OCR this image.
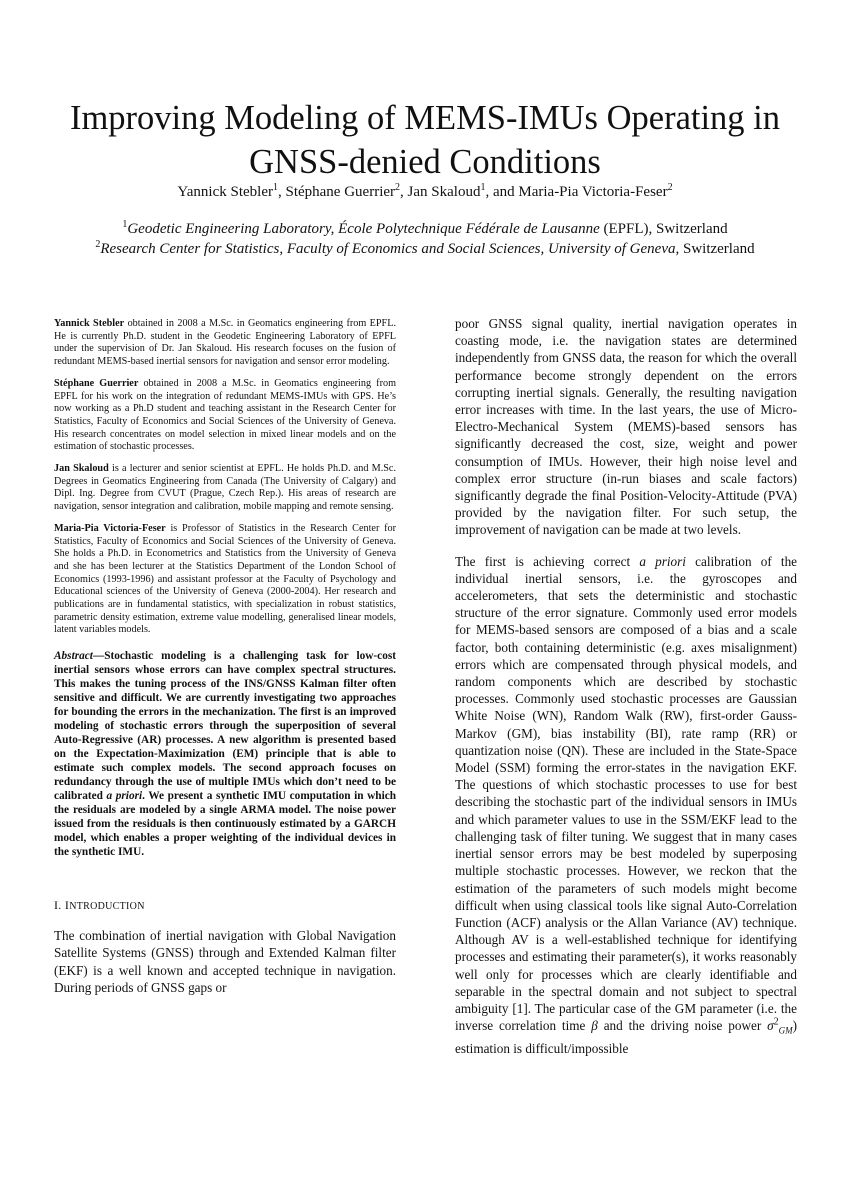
Improving Modeling of MEMS-IMUs Operating in GNSS-denied Conditions
Yannick Stebler$^1$, Stéphane Guerrier$^2$, Jan Skaloud$^1$, and Maria-Pia Victoria-Feser$^2$
$^1$Geodetic Engineering Laboratory, École Polytechnique Fédérale de Lausanne (EPFL), Switzerland
$^2$Research Center for Statistics, Faculty of Economics and Social Sciences, University of Geneva, Switzerland

Yannick Stebler obtained in 2008 a M.Sc. in Geomatics engineering from EPFL. He is currently Ph.D. student in the Geodetic Engineering Laboratory of EPFL under the supervision of Dr. Jan Skaloud. His research focuses on the fusion of redundant MEMS-based inertial sensors for navigation and sensor error modeling.

Stéphane Guerrier obtained in 2008 a M.Sc. in Geomatics engineering from EPFL for his work on the integration of redundant MEMS-IMUs with GPS. He’s now working as a Ph.D student and teaching assistant in the Research Center for Statistics, Faculty of Economics and Social Sciences of the University of Geneva. His research concentrates on model selection in mixed linear models and on the estimation of stochastic processes.

Jan Skaloud is a lecturer and senior scientist at EPFL. He holds Ph.D. and M.Sc. Degrees in Geomatics Engineering from Canada (The University of Calgary) and Dipl. Ing. Degree from CVUT (Prague, Czech Rep.). His areas of research are navigation, sensor integration and calibration, mobile mapping and remote sensing.

Maria-Pia Victoria-Feser is Professor of Statistics in the Research Center for Statistics, Faculty of Economics and Social Sciences of the University of Geneva. She holds a Ph.D. in Econometrics and Statistics from the University of Geneva and she has been lecturer at the Statistics Department of the London School of Economics (1993-1996) and assistant professor at the Faculty of Psychology and Educational sciences of the University of Geneva (2000-2004). Her research and publications are in fundamental statistics, with specialization in robust statistics, parametric density estimation, extreme value modelling, generalised linear models, latent variables models.

Abstract—Stochastic modeling is a challenging task for low-cost inertial sensors whose errors can have complex spectral structures. This makes the tuning process of the INS/GNSS Kalman filter often sensitive and difficult. We are currently investigating two approaches for bounding the errors in the mechanization. The first is an improved modeling of stochastic errors through the superposition of several Auto-Regressive (AR) processes. A new algorithm is presented based on the Expectation-Maximization (EM) principle that is able to estimate such complex models. The second approach focuses on redundancy through the use of multiple IMUs which don’t need to be calibrated a priori. We present a synthetic IMU computation in which the residuals are modeled by a single ARMA model. The noise power issued from the residuals is then continuously estimated by a GARCH model, which enables a proper weighting of the individual devices in the synthetic IMU.

I. INTRODUCTION

The combination of inertial navigation with Global Navigation Satellite Systems (GNSS) through and Extended Kalman filter (EKF) is a well known and accepted technique in navigation. During periods of GNSS gaps or

poor GNSS signal quality, inertial navigation operates in coasting mode, i.e. the navigation states are determined independently from GNSS data, the reason for which the overall performance become strongly dependent on the errors corrupting inertial signals. Generally, the resulting navigation error increases with time. In the last years, the use of Micro-Electro-Mechanical System (MEMS)-based sensors has significantly decreased the cost, size, weight and power consumption of IMUs. However, their high noise level and complex error structure (in-run biases and scale factors) significantly degrade the final Position-Velocity-Attitude (PVA) provided by the navigation filter. For such setup, the improvement of navigation can be made at two levels.

The first is achieving correct a priori calibration of the individual inertial sensors, i.e. the gyroscopes and accelerometers, that sets the deterministic and stochastic structure of the error signature. Commonly used error models for MEMS-based sensors are composed of a bias and a scale factor, both containing deterministic (e.g. axes misalignment) errors which are compensated through physical models, and random components which are described by stochastic processes. Commonly used stochastic processes are Gaussian White Noise (WN), Random Walk (RW), first-order Gauss-Markov (GM), bias instability (BI), rate ramp (RR) or quantization noise (QN). These are included in the State-Space Model (SSM) forming the error-states in the navigation EKF. The questions of which stochastic processes to use for best describing the stochastic part of the individual sensors in IMUs and which parameter values to use in the SSM/EKF lead to the challenging task of filter tuning. We suggest that in many cases inertial sensor errors may be best modeled by superposing multiple stochastic processes. However, we reckon that the estimation of the parameters of such models might become difficult when using classical tools like signal Auto-Correlation Function (ACF) analysis or the Allan Variance (AV) technique. Although AV is a well-established technique for identifying processes and estimating their parameter(s), it works reasonably well only for processes which are clearly identifiable and separable in the spectral domain and not subject to spectral ambiguity [1]. The particular case of the GM parameter (i.e. the inverse correlation time β and the driving noise power $\sigma^2_{GM}$) estimation is difficult/impossible
